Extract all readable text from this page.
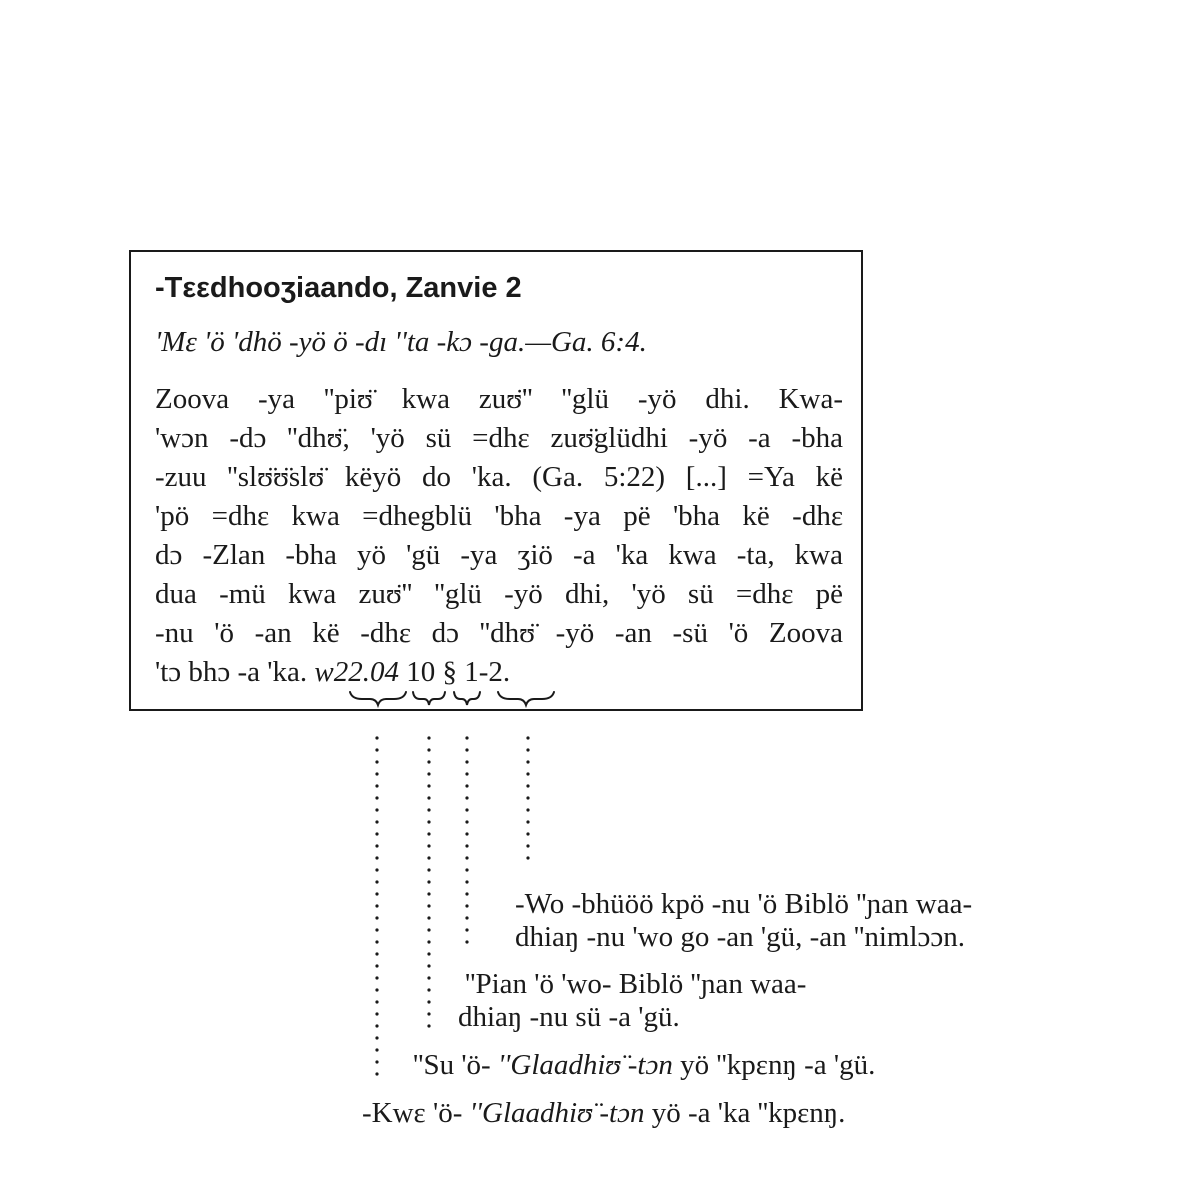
-Tεεdhooʒiaando, Zanvie 2
'Mε 'ö 'dhö -yö ö -dı ''ta -kɔ -ga.—Ga. 6:4.
Zoova -ya ''piʊ̈ kwa zuʊ̈'' ''glü -yö dhi. Kwa-
'wɔn -dɔ ''dhʊ̈, 'yö sü =dhε zuʊ̈glüdhi -yö -a -bha
-zuu ''slʊ̈ʊ̈slʊ̈ këyö do 'ka. (Ga. 5:22) [...] =Ya kë
'pö =dhε kwa =dhegblü 'bha -ya pë 'bha kë -dhε
dɔ -Zlan -bha yö 'gü -ya ʒiö -a 'ka kwa -ta, kwa
dua -mü kwa zuʊ̈'' ''glü -yö dhi, 'yö sü =dhε pë
-nu 'ö -an kë -dhε dɔ ''dhʊ̈ -yö -an -sü 'ö Zoova
'tɔ bhɔ -a 'ka. w22.04 10 § 1-2.
-Wo -bhüöö kpö -nu 'ö Biblö ''ɲan waa-
dhiaŋ -nu 'wo go -an 'gü, -an ''nimlɔɔn.
''Pian 'ö 'wo- Biblö ''ɲan waa-
dhiaŋ -nu sü -a 'gü.
''Su 'ö- ''Glaadhiʊ̈ -tɔn yö ''kpεnŋ -a 'gü.
-Kwε 'ö- ''Glaadhiʊ̈ -tɔn yö -a 'ka ''kpεnŋ.
